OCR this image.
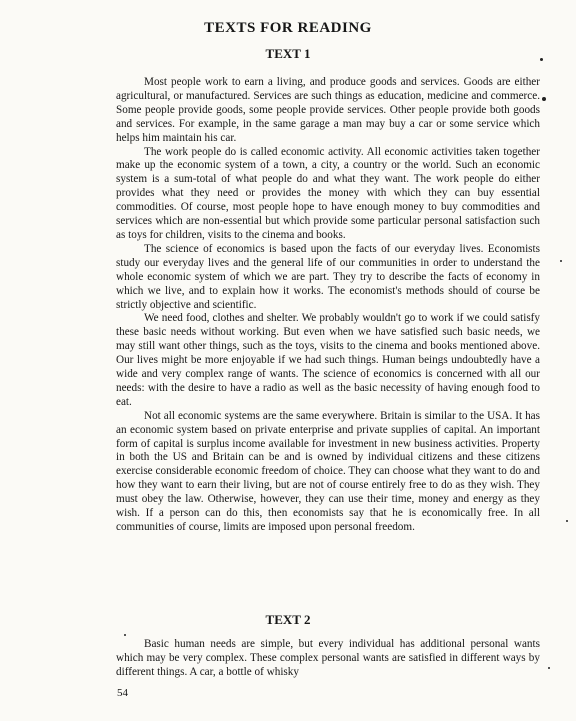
TEXTS FOR READING
TEXT 1

Most people work to earn a living, and produce goods and services. Goods are either agricultural, or manufactured. Services are such things as education, medicine and commerce. Some people provide goods, some people provide services. Other people provide both goods and services. For example, in the same garage a man may buy a car or some service which helps him maintain his car.

The work people do is called economic activity. All economic activities taken together make up the economic system of a town, a city, a country or the world. Such an economic system is a sum-total of what people do and what they want. The work people do either provides what they need or provides the money with which they can buy essential commodities. Of course, most people hope to have enough money to buy commodities and services which are non-essential but which provide some particular personal satisfaction such as toys for children, visits to the cinema and books.

The science of economics is based upon the facts of our everyday lives. Economists study our everyday lives and the general life of our communities in order to understand the whole economic system of which we are part. They try to describe the facts of economy in which we live, and to explain how it works. The economist's methods should of course be strictly objective and scientific.

We need food, clothes and shelter. We probably wouldn't go to work if we could satisfy these basic needs without working. But even when we have satisfied such basic needs, we may still want other things, such as the toys, visits to the cinema and books mentioned above. Our lives might be more enjoyable if we had such things. Human beings undoubtedly have a wide and very complex range of wants. The science of economics is concerned with all our needs: with the desire to have a radio as well as the basic necessity of having enough food to eat.

Not all economic systems are the same everywhere. Britain is similar to the USA. It has an economic system based on private enterprise and private supplies of capital. An important form of capital is surplus income available for investment in new business activities. Property in both the US and Britain can be and is owned by individual citizens and these citizens exercise considerable economic freedom of choice. They can choose what they want to do and how they want to earn their living, but are not of course entirely free to do as they wish. They must obey the law. Otherwise, however, they can use their time, money and energy as they wish. If a person can do this, then economists say that he is economically free. In all communities of course, limits are imposed upon personal freedom.

TEXT 2

Basic human needs are simple, but every individual has additional personal wants which may be very complex. These complex personal wants are satisfied in different ways by different things. A car, a bottle of whisky

54
